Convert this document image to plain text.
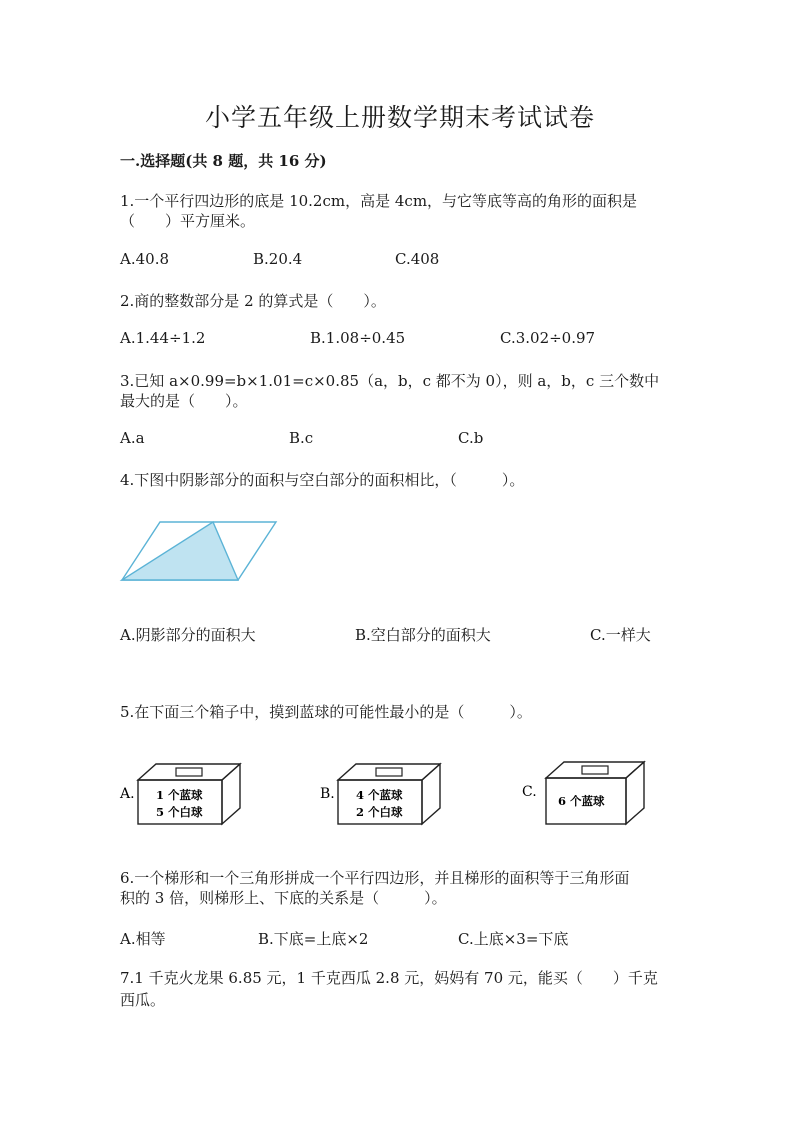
小学五年级上册数学期末考试试卷
一.选择题(共 8 题，共 16 分)
1.一个平行四边形的底是 10.2cm，高是 4cm，与它等底等高的角形的面积是
（　　）平方厘米。
A.40.8	B.20.4	C.408
2.商的整数部分是 2 的算式是（　　）。
A.1.44÷1.2	B.1.08÷0.45	C.3.02÷0.97
3.已知 a×0.99=b×1.01=c×0.85（a，b，c 都不为 0），则 a，b，c 三个数中
最大的是（　　）。
A.a	B.c	C.b
4.下图中阴影部分的面积与空白部分的面积相比，（　　　）。
A.阴影部分的面积大	B.空白部分的面积大	C.一样大
5.在下面三个箱子中，摸到蓝球的可能性最小的是（　　　）。
A. 1 个蓝球
5 个白球
B. 4 个蓝球
2 个白球
C.
6 个蓝球
6.一个梯形和一个三角形拼成一个平行四边形，并且梯形的面积等于三角形面
积的 3 倍，则梯形上、下底的关系是（　　　）。
A.相等	B.下底=上底×2	C.上底×3=下底
7.1 千克火龙果 6.85 元，1 千克西瓜 2.8 元，妈妈有 70 元，能买（　　）千克
西瓜。
